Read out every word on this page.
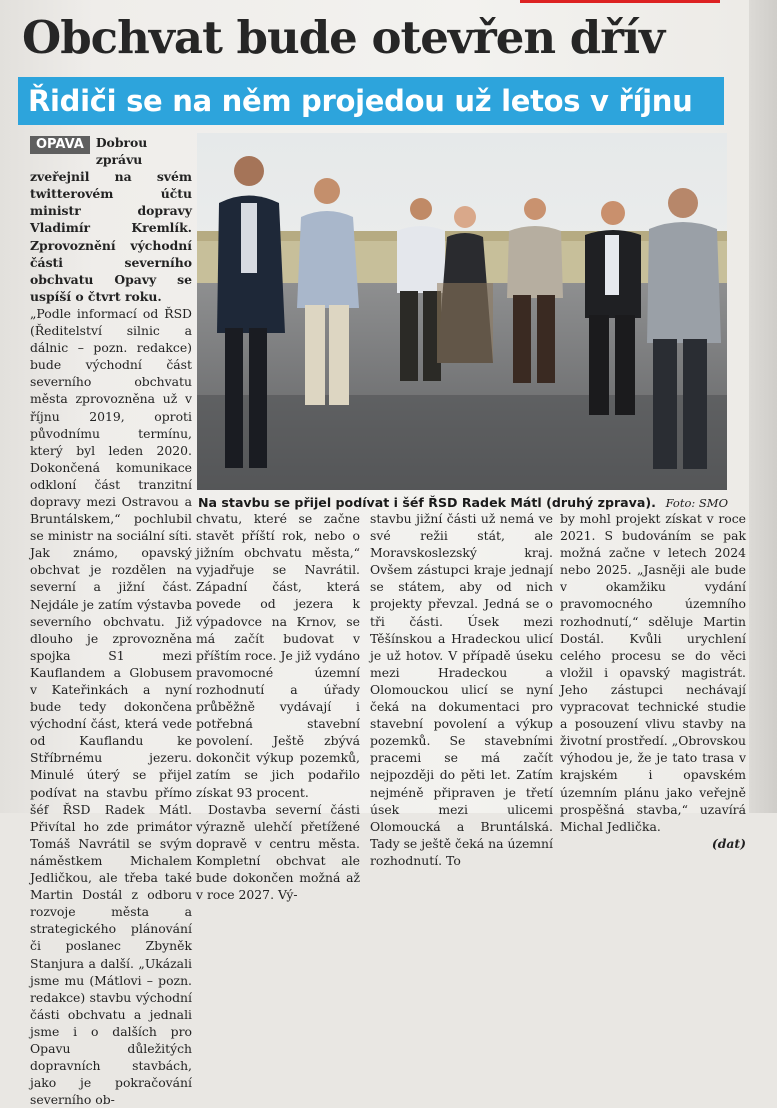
Obchvat bude otevřen dřív
Řidiči se na něm projedou už letos v říjnu
OPAVA Dobrou zprávu zveřejnil na svém twitterovém účtu ministr dopravy Vladimír Kremlík. Zprovoznění východní části severního obchvatu Opavy se uspíší o čtvrt roku.

„Podle informací od ŘSD (Ředitelství silnic a dálnic – pozn. redakce) bude východní část severního obchvatu města zprovozněna už v říjnu 2019, oproti původnímu termínu, který byl leden 2020. Dokončená komunikace odkloní část tranzitní dopravy mezi Ostravou a Bruntálskem,“ pochlubil se ministr na sociální síti. Jak známo, opavský obchvat je rozdělen na severní a jižní část. Nejdále je zatím výstavba severního obchvatu. Již dlouho je zprovozněna spojka S1 mezi Kauflandem a Globusem v Kateřinkách a nyní bude tedy dokončena východní část, která vede od Kauflandu ke Stříbrnému jezeru. Minulé úterý se přijel podívat na stavbu přímo šéf ŘSD Radek Mátl. Přivítal ho zde primátor Tomáš Navrátil se svým náměstkem Michalem Jedličkou, ale třeba také Martin Dostál z odboru rozvoje města a strategického plánování či poslanec Zbyněk Stanjura a další. „Ukázali jsme mu (Mátlovi – pozn. redakce) stavbu východní části obchvatu a jednali jsme i o dalších pro Opavu důležitých dopravních stavbách, jako je pokračování severního ob-

Na stavbu se přijel podívat i šéf ŘSD Radek Mátl (druhý zprava). Foto: SMO

chvatu, které se začne stavět příští rok, nebo o jižním obchvatu města,“ vyjadřuje se Navrátil. Západní část, která povede od jezera k výpadovce na Krnov, se má začít budovat v příštím roce. Je již vydáno pravomocné územní rozhodnutí a úřady průběžně vydávají i potřebná stavební povolení. Ještě zbývá dokončit výkup pozemků, zatím se jich podařilo získat 93 procent.

Dostavba severní části výrazně ulehčí přetížené dopravě v centru města. Kompletní obchvat ale bude dokončen možná až v roce 2027. Vý-

stavbu jižní části už nemá ve své režii stát, ale Moravskoslezský kraj. Ovšem zástupci kraje jednají se státem, aby od nich projekty převzal. Jedná se o tři části. Úsek mezi Těšínskou a Hradeckou ulicí je už hotov. V případě úseku mezi Hradeckou a Olomouckou ulicí se nyní čeká na dokumentaci pro stavební povolení a výkup pozemků. Se stavebními pracemi se má začít nejpozději do pěti let. Zatím nejméně připraven je třetí úsek mezi ulicemi Olomoucká a Bruntálská. Tady se ještě čeká na územní rozhodnutí. To

by mohl projekt získat v roce 2021. S budováním se pak možná začne v letech 2024 nebo 2025. „Jasněji ale bude v okamžiku vydání pravomocného územního rozhodnutí,“ sděluje Martin Dostál. Kvůli urychlení celého procesu se do věci vložil i opavský magistrát. Jeho zástupci nechávají vypracovat technické studie a posouzení vlivu stavby na životní prostředí. „Obrovskou výhodou je, že je tato trasa v krajském i opavském územním plánu jako veřejně prospěšná stavba,“ uzavírá Michal Jedlička.

(dat)
